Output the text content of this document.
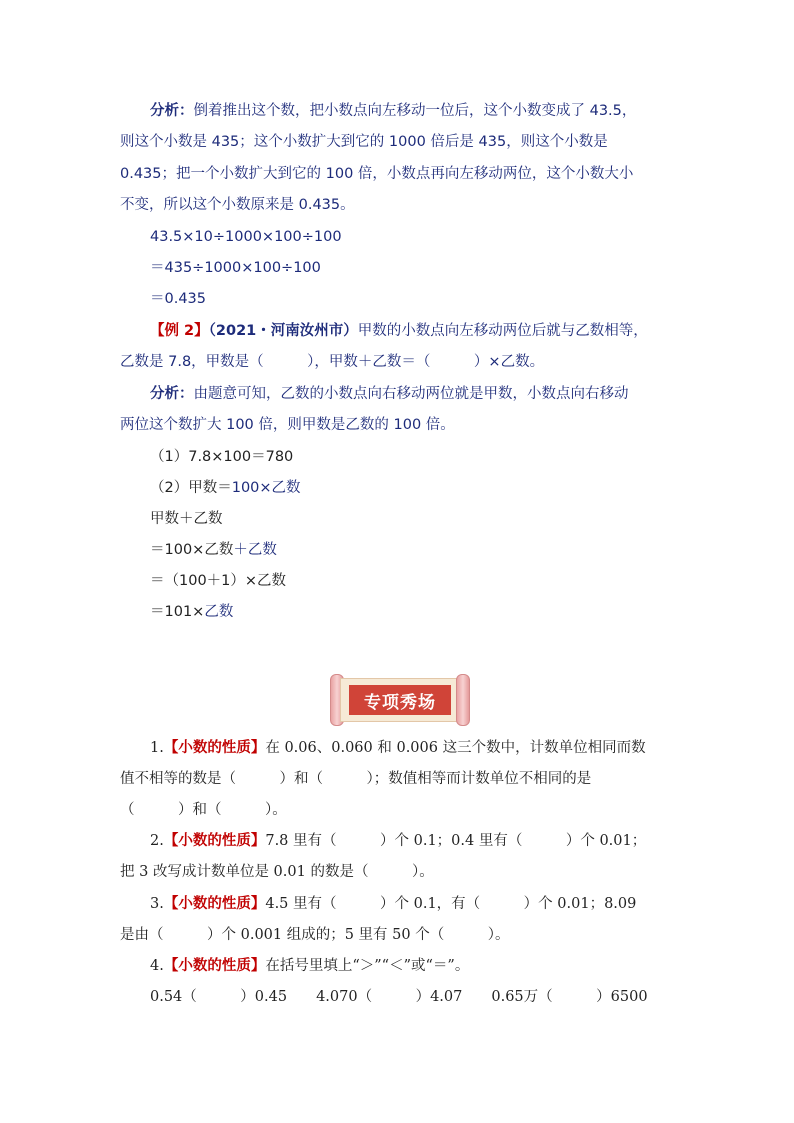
分析：倒着推出这个数，把小数点向左移动一位后，这个小数变成了 43.5，
则这个小数是 435；这个小数扩大到它的 1000 倍后是 435，则这个小数是
0.435；把一个小数扩大到它的 100 倍，小数点再向左移动两位，这个小数大小
不变，所以这个小数原来是 0.435。
43.5×10÷1000×100÷100
＝435÷1000×100÷100
＝0.435
【例 2】（2021・河南汝州市）甲数的小数点向左移动两位后就与乙数相等，
乙数是 7.8，甲数是（　　　），甲数＋乙数＝（　　　）×乙数。
分析：由题意可知，乙数的小数点向右移动两位就是甲数，小数点向右移动
两位这个数扩大 100 倍，则甲数是乙数的 100 倍。
（1）7.8×100＝780
（2）甲数＝100×乙数
甲数＋乙数
＝100×乙数＋乙数
＝（100＋1）×乙数
＝101×乙数
专项秀场
1.【小数的性质】在 0.06、0.060 和 0.006 这三个数中，计数单位相同而数
值不相等的数是（　　　）和（　　　）；数值相等而计数单位不相同的是
（　　　）和（　　　）。
2.【小数的性质】7.8 里有（　　　）个 0.1；0.4 里有（　　　）个 0.01；
把 3 改写成计数单位是 0.01 的数是（　　　）。
3.【小数的性质】4.5 里有（　　　）个 0.1，有（　　　）个 0.01；8.09
是由（　　　）个 0.001 组成的；5 里有 50 个（　　　）。
4.【小数的性质】在括号里填上“＞”“＜”或“＝”。
0.54（　　　）0.45　　4.070（　　　）4.07　　0.65万（　　　）6500
